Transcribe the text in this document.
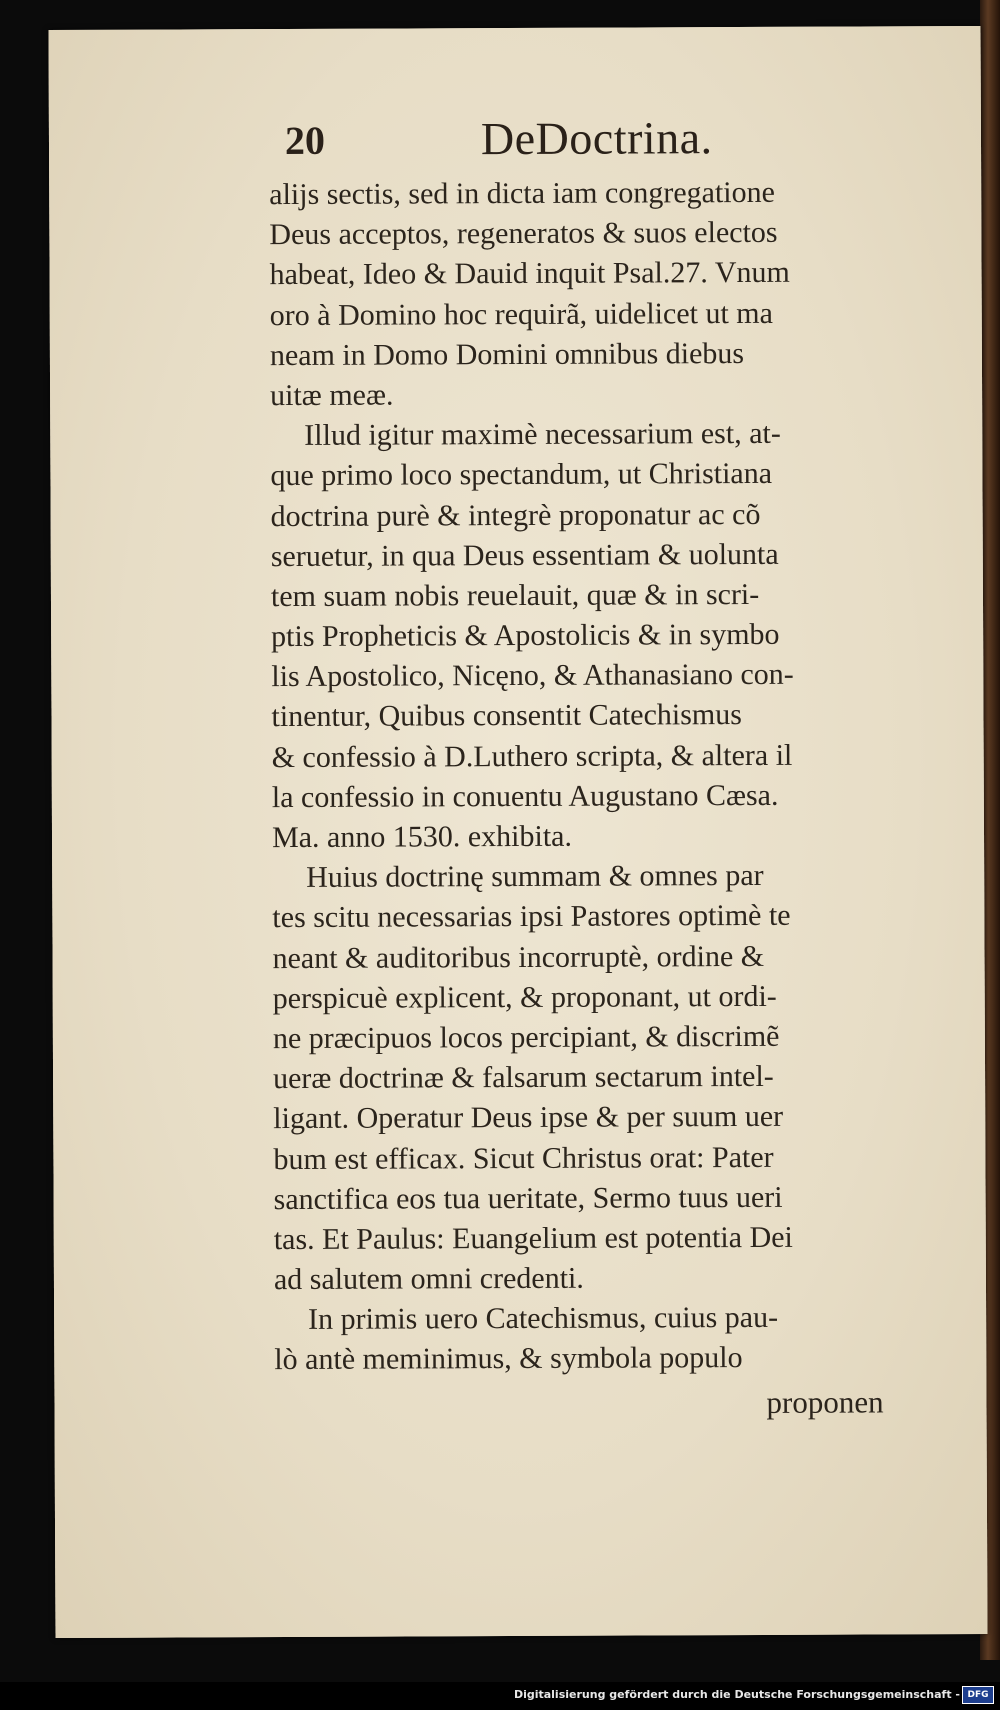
20	DeDoctrina.
alijs sectis, sed in dicta iam congregatione
Deus acceptos, regeneratos & suos electos
habeat, Ideo & Dauid inquit Psal.27. Vnum
oro à Domino hoc requirã, uidelicet ut ma
neam in Domo Domini omnibus diebus
uitæ meæ.
Illud igitur maximè necessarium est, at-
que primo loco spectandum, ut Christiana
doctrina purè & integrè proponatur ac cõ
seruetur, in qua Deus essentiam & uolunta
tem suam nobis reuelauit, quæ & in scri-
ptis Propheticis & Apostolicis & in symbo
lis Apostolico, Nicęno, & Athanasiano con-
tinentur, Quibus consentit Catechismus
& confessio à D.Luthero scripta, & altera il
la confessio in conuentu Augustano Cæsa.
Ma. anno 1530. exhibita.
Huius doctrinę summam & omnes par
tes scitu necessarias ipsi Pastores optimè te
neant & auditoribus incorruptè, ordine &
perspicuè explicent, & proponant, ut ordi-
ne præcipuos locos percipiant, & discrimẽ
ueræ doctrinæ & falsarum sectarum intel-
ligant. Operatur Deus ipse & per suum uer
bum est efficax. Sicut Christus orat: Pater
sanctifica eos tua ueritate, Sermo tuus ueri
tas. Et Paulus: Euangelium est potentia Dei
ad salutem omni credenti.
In primis uero Catechismus, cuius pau-
lò antè meminimus, & symbola populo
proponen
Digitalisierung gefördert durch die Deutsche Forschungsgemeinschaft - DFG
